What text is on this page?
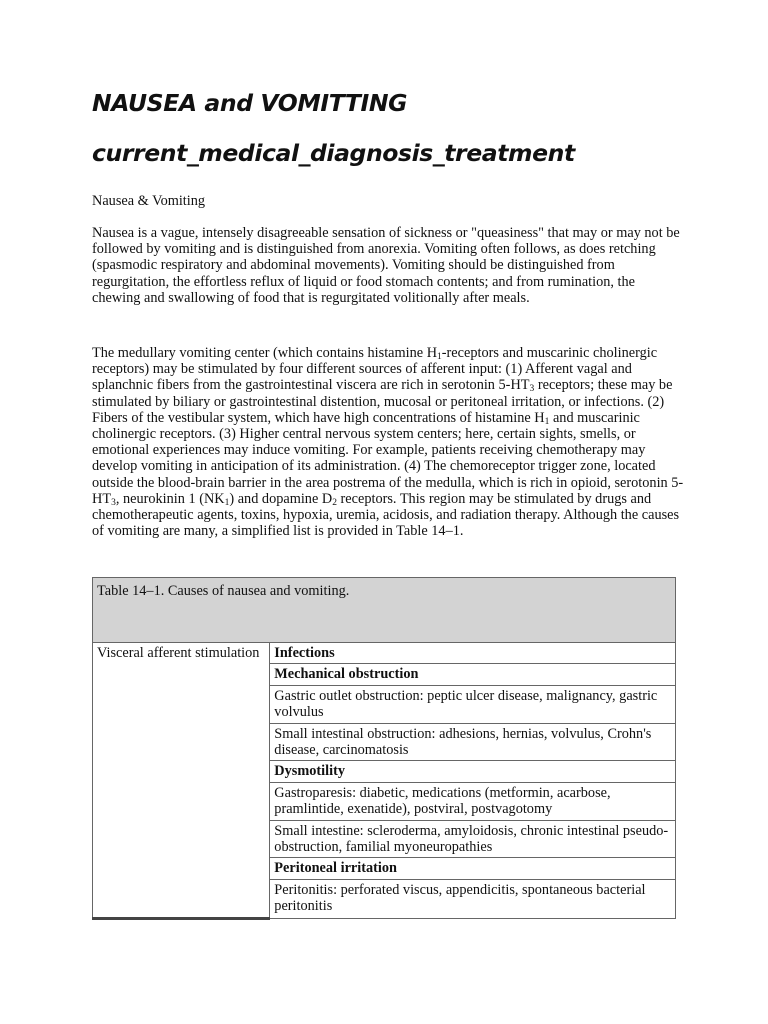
NAUSEA and VOMITTING
current_medical_diagnosis_treatment

Nausea & Vomiting

Nausea is a vague, intensely disagreeable sensation of sickness or "queasiness" that may or may not be followed by vomiting and is distinguished from anorexia. Vomiting often follows, as does retching (spasmodic respiratory and abdominal movements). Vomiting should be distinguished from regurgitation, the effortless reflux of liquid or food stomach contents; and from rumination, the chewing and swallowing of food that is regurgitated volitionally after meals.

The medullary vomiting center (which contains histamine $H_1$-receptors and muscarinic cholinergic receptors) may be stimulated by four different sources of afferent input: (1) Afferent vagal and splanchnic fibers from the gastrointestinal viscera are rich in serotonin $5-HT_3$ receptors; these may be stimulated by biliary or gastrointestinal distention, mucosal or peritoneal irritation, or infections. (2) Fibers of the vestibular system, which have high concentrations of histamine $H_1$ and muscarinic cholinergic receptors. (3) Higher central nervous system centers; here, certain sights, smells, or emotional experiences may induce vomiting. For example, patients receiving chemotherapy may develop vomiting in anticipation of its administration. (4) The chemoreceptor trigger zone, located outside the blood-brain barrier in the area postrema of the medulla, which is rich in opioid, serotonin $5-HT_3$, neurokinin 1 $(NK_1)$ and dopamine $D_2$ receptors. This region may be stimulated by drugs and chemotherapeutic agents, toxins, hypoxia, uremia, acidosis, and radiation therapy. Although the causes of vomiting are many, a simplified list is provided in Table 14–1.

Table 14–1. Causes of nausea and vomiting.
Visceral afferent stimulation	Infections
Mechanical obstruction
Gastric outlet obstruction: peptic ulcer disease, malignancy, gastric volvulus
Small intestinal obstruction: adhesions, hernias, volvulus, Crohn's disease, carcinomatosis
Dysmotility
Gastroparesis: diabetic, medications (metformin, acarbose, pramlintide, exenatide), postviral, postvagotomy
Small intestine: scleroderma, amyloidosis, chronic intestinal pseudo-obstruction, familial myoneuropathies
Peritoneal irritation
Peritonitis: perforated viscus, appendicitis, spontaneous bacterial peritonitis
